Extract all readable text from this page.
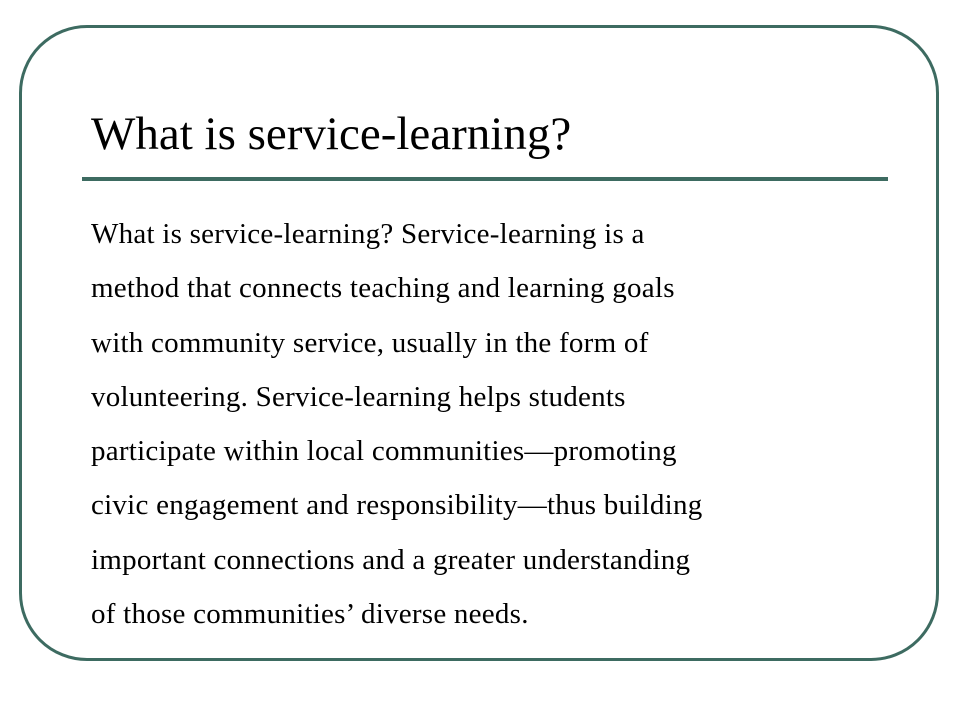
What is service-learning?
What is service-learning? Service-learning is a
method that connects teaching and learning goals
with community service, usually in the form of
volunteering. Service-learning helps students
participate within local communities—promoting
civic engagement and responsibility—thus building
important connections and a greater understanding
of those communities’ diverse needs.
